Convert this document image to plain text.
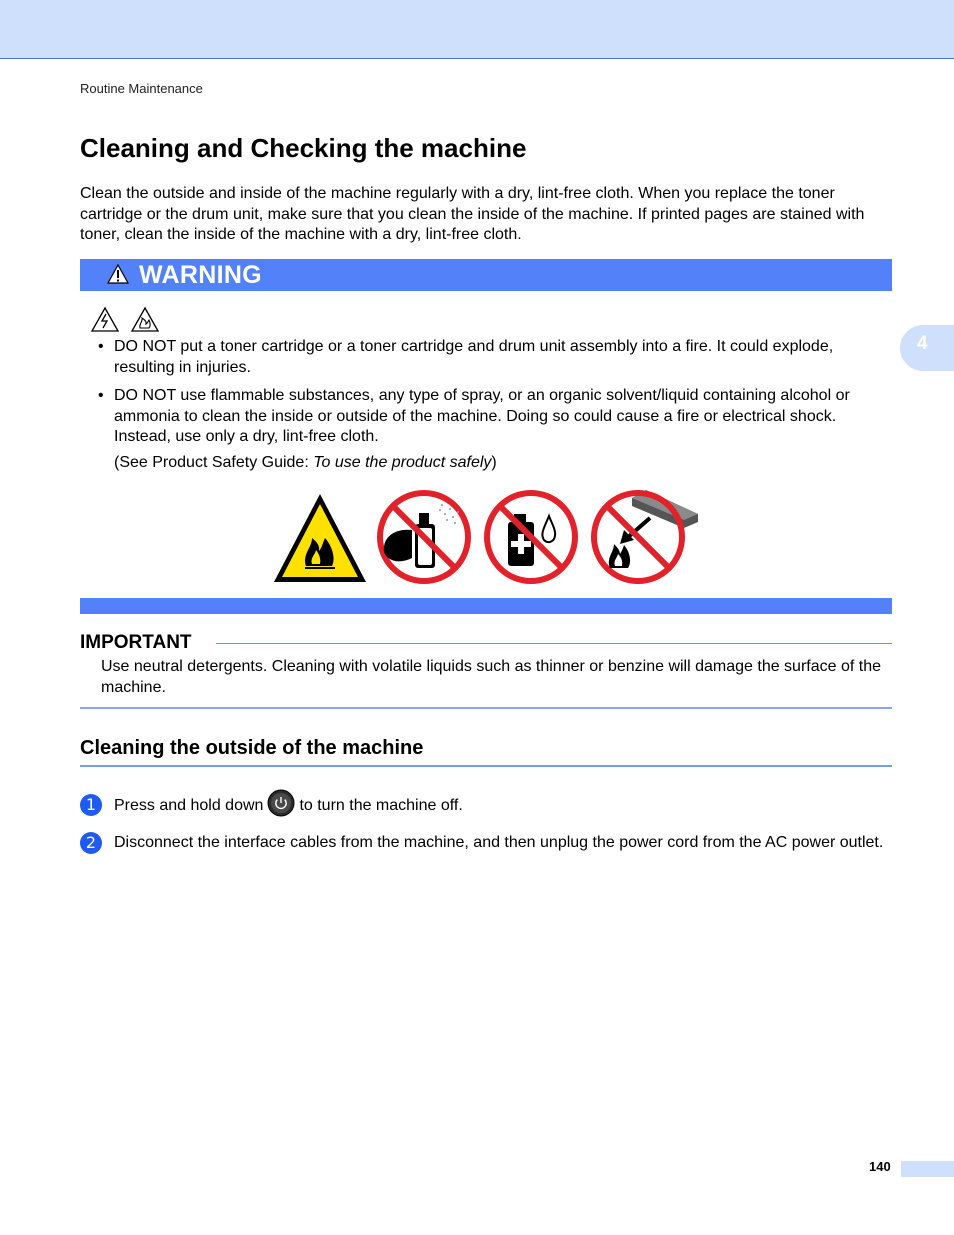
Routine Maintenance
Cleaning and Checking the machine

Clean the outside and inside of the machine regularly with a dry, lint-free cloth. When you replace the toner cartridge or the drum unit, make sure that you clean the inside of the machine. If printed pages are stained with toner, clean the inside of the machine with a dry, lint-free cloth.

WARNING
• DO NOT put a toner cartridge or a toner cartridge and drum unit assembly into a fire. It could explode, resulting in injuries.
• DO NOT use flammable substances, any type of spray, or an organic solvent/liquid containing alcohol or ammonia to clean the inside or outside of the machine. Doing so could cause a fire or electrical shock. Instead, use only a dry, lint-free cloth.
(See Product Safety Guide: To use the product safely)
IMPORTANT

Use neutral detergents. Cleaning with volatile liquids such as thinner or benzine will damage the surface of the machine.

Cleaning the outside of the machine
1	Press and hold down to turn the machine off.

2	Disconnect the interface cables from the machine, and then unplug the power cord from the AC power outlet.

4
140
